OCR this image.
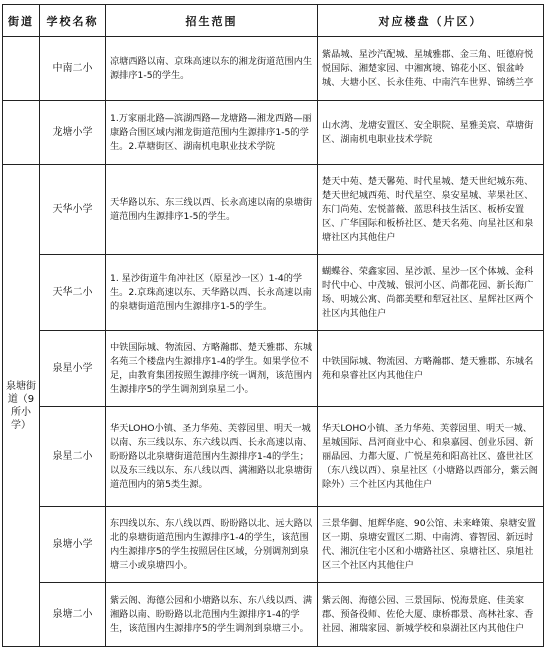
街道	学校名称	招生范围	对应楼盘（片区）
	中南二小	凉塘西路以南、京珠高速以东的湘龙街道范围内生源排序1-5的学生。	紫晶城、星沙汽配城、星城雅郡、金三角、旺德府悦悦国际、湘楚家园、中湘寓境、锦花小区、银盆岭城、大塘小区、长永佳苑、中南汽车世界、锦绣兰亭
	龙塘小学	1.万家丽北路—滨湖西路—龙塘路—湘龙西路—丽康路合围区域内湘龙街道范围内生源排序1-5的学生。2.草塘街区、湖南机电职业技术学院	山水湾、龙塘安置区、安全职院、星雅美宸、草塘街区、湖南机电职业技术学院
泉塘街道（9所小学）	天华小学	天华路以东、东三线以西、长永高速以南的泉塘街道范围内生源排序1-5的学生。	楚天中苑、楚天馨苑、时代星城、楚天世纪城东苑、楚天世纪城西苑、时代星空、泉安星城、苹果社区、东门尚苑、宏悦蔷薇、蓝思科技生活区、板桥安置区、广华国际和板桥社区、楚天名苑、向星社区和泉塘社区内其他住户
	天华二小	1. 星沙街道牛角冲社区（原星沙一区）1-4的学生。2.京珠高速以东、天华路以西、长永高速以南的泉塘街道范围内生源排序1-5的学生。	蝴蝶谷、荣鑫家园、星沙派、星沙一区个体城、金科时代中心、中茂城、银河小区、尚都花园、新长海广场、明城公寓、尚都美墅和犁冠社区、星辉社区两个社区内其他住户
	泉星小学	中铁国际城、物流园、方略瀚郡、楚天雅郡、东城名苑三个楼盘内生源排序1-4的学生。如果学位不足，由教育集团按照生源排序统一调剂，该范围内生源排序5的学生调剂到泉星二小。	中铁国际城、物流园、方略瀚郡、楚天雅郡、东城名苑和泉睿社区内其他住户
	泉星二小	华天LOHO小镇、圣力华苑、芙蓉园里、明天一城以南、东三线以东、东六线以西、长永高速以南、盼盼路以北泉塘街道范围内生源排序1-4的学生；以及东三线以东、东八线以西、满湘路以北泉塘街道范围内的第5类生源。	华天LOHO小镇、圣力华苑、芙蓉园里、明天一城、星城国际、昌河商业中心、和泉嘉园、创业乐园、新丽晶园、力都大厦、广悦星苑和阳高社区、盛世社区（东八线以西）、泉星社区（小塘路以西部分，紫云阁除外）三个社区内其他住户
	泉塘小学	东四线以东、东八线以西、盼盼路以北、远大路以北的泉塘街道范围内生源排序1-4的学生，该范围内生源排序5的学生按照居住区域，分别调剂到泉塘三小或泉塘四小。	三景华御、旭辉华庭、90公馆、未来峰策、泉塘安置区一期、泉塘安置区二期、中南湾、睿智园、新远时代、湘沉住宅小区和小塘路社区、泉塘社区、泉旭社区三个社区内其他住户
	泉塘二小	紫云阁、海德公园和小塘路以东、东八线以西、满湘路以南、盼盼路以北范围内生源排序1-4的学生，该范围内生源排序5的学生调剂到泉塘三小。	紫云阁、海德公园、三景国际、悦海景庭、佳美家郡、预备役师、佐伦大厦、康桥郡景、高林社家、香社园、湘瑞家园、新城学校和泉湖社区内其他住户
